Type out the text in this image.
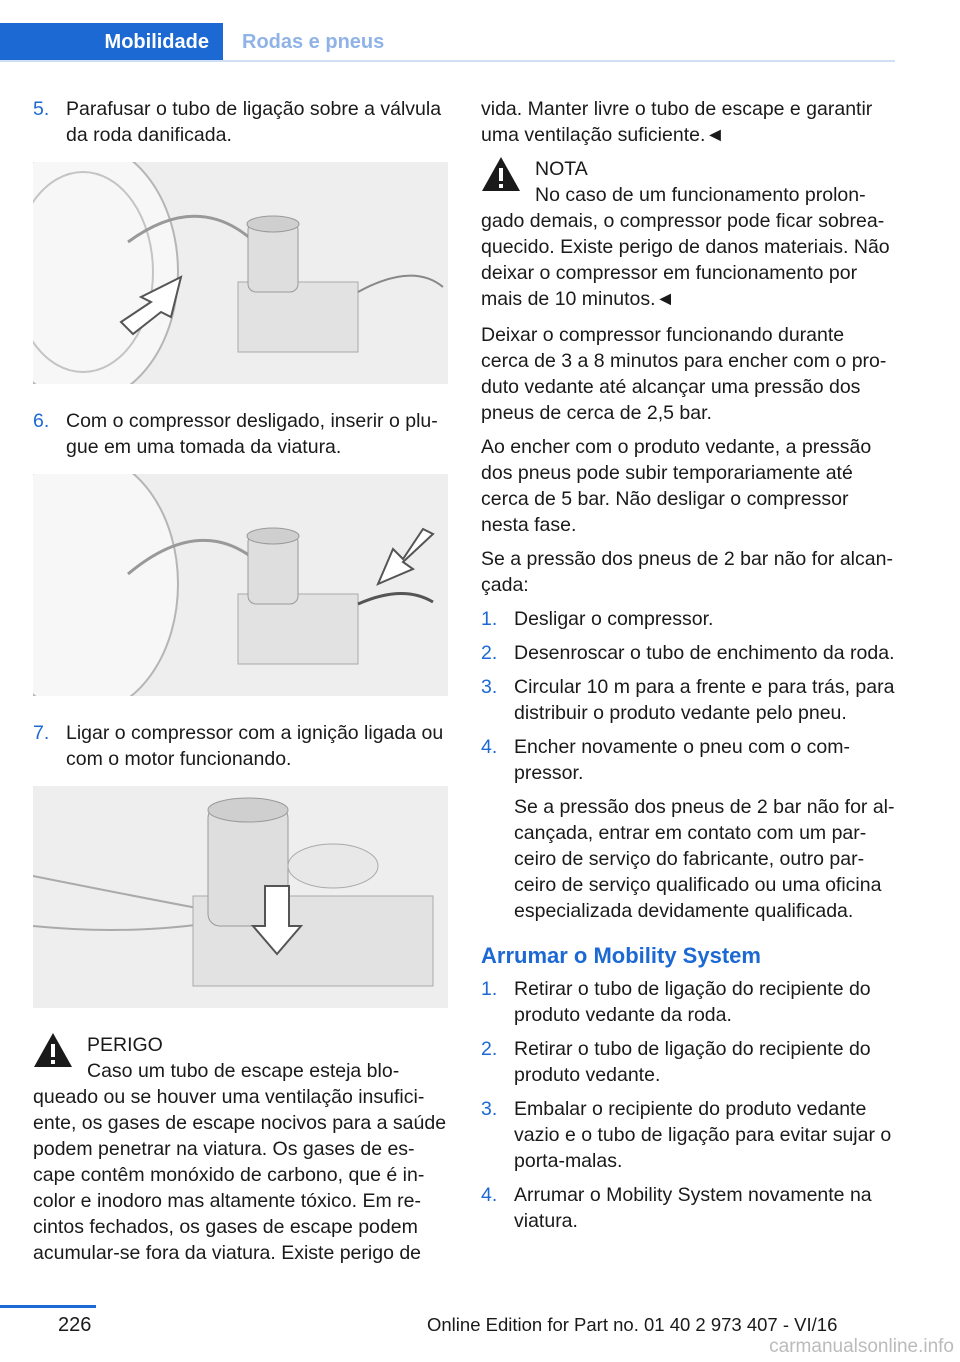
Mobilidade	Rodas e pneus
5. Parafusar o tubo de ligação sobre a válvula da roda danificada.
6. Com o compressor desligado, inserir o plugue em uma tomada da viatura.
7. Ligar o compressor com a ignição ligada ou com o motor funcionando.
PERIGO
Caso um tubo de escape esteja blo‐
queado ou se houver uma ventilação insufici‐ ente, os gases de escape nocivos para a saúde podem penetrar na viatura. Os gases de es‐ cape contêm monóxido de carbono, que é in‐ color e inodoro mas altamente tóxico. Em re‐ cintos fechados, os gases de escape podem acumular-se fora da viatura. Existe perigo de

vida. Manter livre o tubo de escape e garantir uma ventilação suficiente.◄

NOTA
No caso de um funcionamento prolon‐
gado demais, o compressor pode ficar sobrea‐ quecido. Existe perigo de danos materiais. Não deixar o compressor em funcionamento por mais de 10 minutos.◄

Deixar o compressor funcionando durante cerca de 3 a 8 minutos para encher com o pro‐ duto vedante até alcançar uma pressão dos pneus de cerca de 2,5 bar.

Ao encher com o produto vedante, a pressão dos pneus pode subir temporariamente até cerca de 5 bar. Não desligar o compressor nesta fase.

Se a pressão dos pneus de 2 bar não for alcan‐ çada:

1. Desligar o compressor.
2. Desenroscar o tubo de enchimento da roda.
3. Circular 10 m para a frente e para trás, para distribuir o produto vedante pelo pneu.
4. Encher novamente o pneu com o com‐ pressor.

Se a pressão dos pneus de 2 bar não for al‐ cançada, entrar em contato com um par‐ ceiro de serviço do fabricante, outro par‐ ceiro de serviço qualificado ou uma oficina especializada devidamente qualificada.

Arrumar o Mobility System
1. Retirar o tubo de ligação do recipiente do produto vedante da roda.
2. Retirar o tubo de ligação do recipiente do produto vedante.
3. Embalar o recipiente do produto vedante vazio e o tubo de ligação para evitar sujar o porta-malas.
4. Arrumar o Mobility System novamente na viatura.
226	Online Edition for Part no. 01 40 2 973 407 - VI/16
carmanualsonline.info
